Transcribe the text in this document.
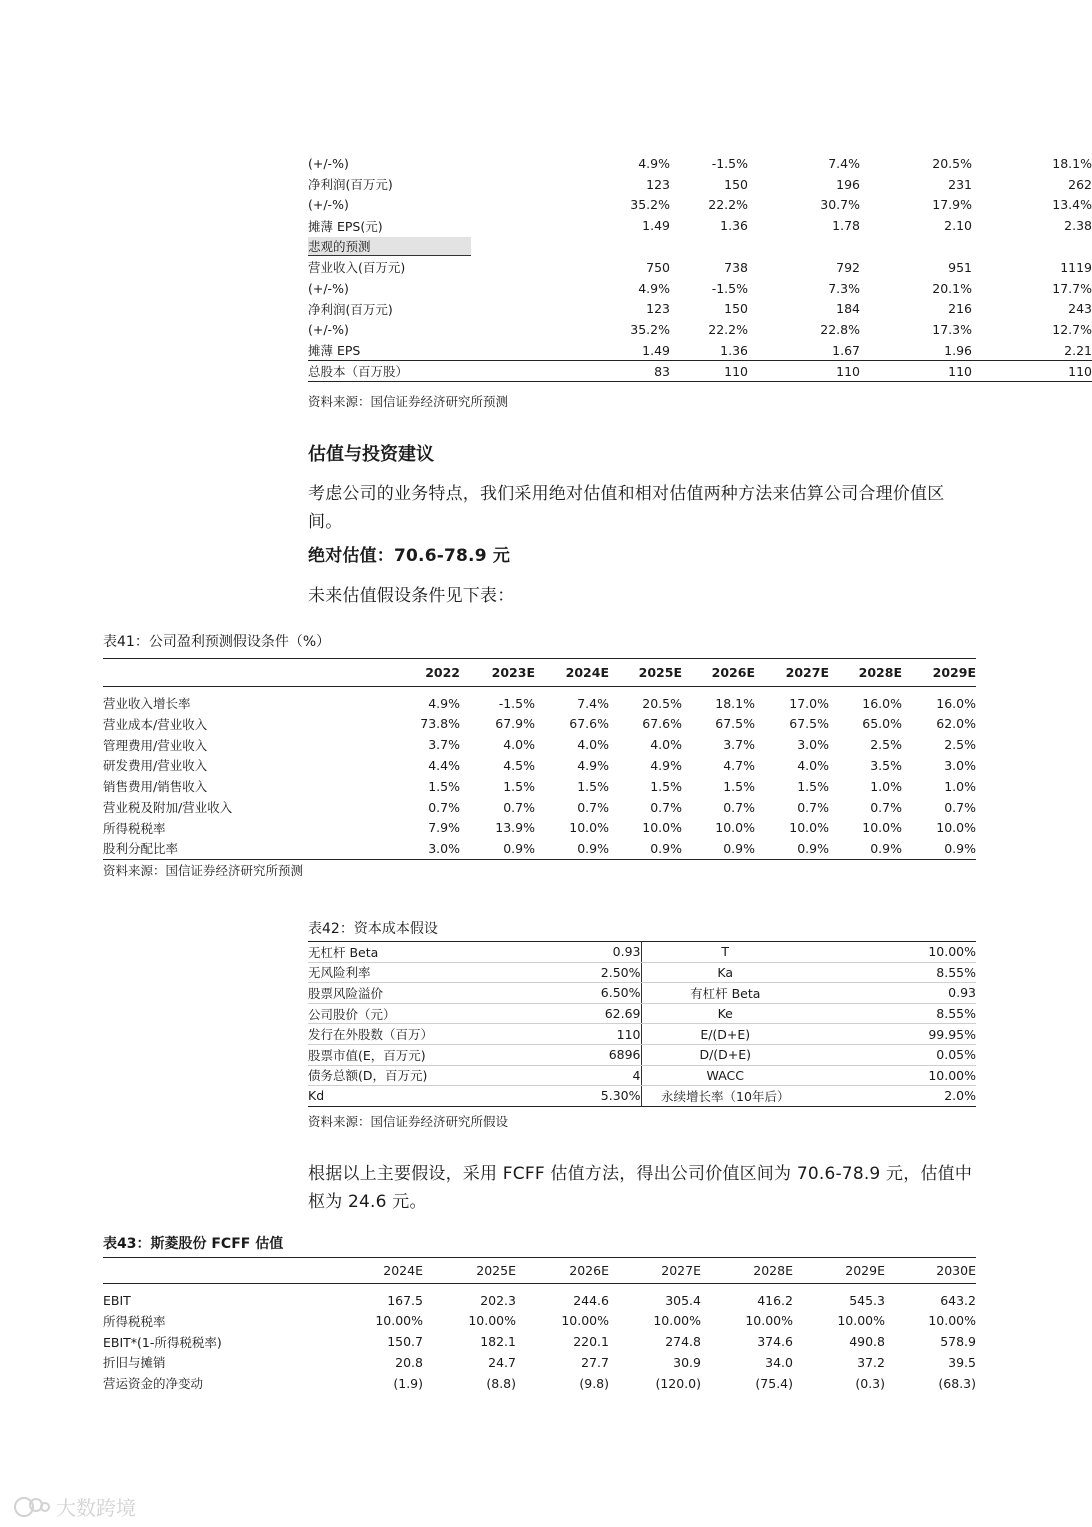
(+/-%)	4.9%	-1.5%	7.4%	20.5%	18.1%
净利润(百万元)	123	150	196	231	262
(+/-%)	35.2%	22.2%	30.7%	17.9%	13.4%
摊薄 EPS(元)	1.49	1.36	1.78	2.10	2.38
悲观的预测					
营业收入(百万元)	750	738	792	951	1119
(+/-%)	4.9%	-1.5%	7.3%	20.1%	17.7%
净利润(百万元)	123	150	184	216	243
(+/-%)	35.2%	22.2%	22.8%	17.3%	12.7%
摊薄 EPS	1.49	1.36	1.67	1.96	2.21
总股本（百万股）	83	110	110	110	110
资料来源：国信证券经济研究所预测
估值与投资建议
考虑公司的业务特点，我们采用绝对估值和相对估值两种方法来估算公司合理价值区间。
绝对估值：70.6-78.9 元
未来估值假设条件见下表：
表41：公司盈利预测假设条件（%）
	2022	2023E	2024E	2025E	2026E	2027E	2028E	2029E
营业收入增长率	4.9%	-1.5%	7.4%	20.5%	18.1%	17.0%	16.0%	16.0%
营业成本/营业收入	73.8%	67.9%	67.6%	67.6%	67.5%	67.5%	65.0%	62.0%
管理费用/营业收入	3.7%	4.0%	4.0%	4.0%	3.7%	3.0%	2.5%	2.5%
研发费用/营业收入	4.4%	4.5%	4.9%	4.9%	4.7%	4.0%	3.5%	3.0%
销售费用/销售收入	1.5%	1.5%	1.5%	1.5%	1.5%	1.5%	1.0%	1.0%
营业税及附加/营业收入	0.7%	0.7%	0.7%	0.7%	0.7%	0.7%	0.7%	0.7%
所得税税率	7.9%	13.9%	10.0%	10.0%	10.0%	10.0%	10.0%	10.0%
股利分配比率	3.0%	0.9%	0.9%	0.9%	0.9%	0.9%	0.9%	0.9%
资料来源：国信证券经济研究所预测
表42：资本成本假设
无杠杆 Beta	0.93	T	10.00%
无风险利率	2.50%	Ka	8.55%
股票风险溢价	6.50%	有杠杆 Beta	0.93
公司股价（元）	62.69	Ke	8.55%
发行在外股数（百万）	110	E/(D+E)	99.95%
股票市值(E，百万元)	6896	D/(D+E)	0.05%
债务总额(D，百万元)	4	WACC	10.00%
Kd	5.30%	永续增长率（10年后）	2.0%
资料来源：国信证券经济研究所假设
根据以上主要假设，采用 FCFF 估值方法，得出公司价值区间为 70.6-78.9 元，估值中枢为 24.6 元。
表43：斯菱股份 FCFF 估值
	2024E	2025E	2026E	2027E	2028E	2029E	2030E
EBIT	167.5	202.3	244.6	305.4	416.2	545.3	643.2
所得税税率	10.00%	10.00%	10.00%	10.00%	10.00%	10.00%	10.00%
EBIT*(1-所得税税率)	150.7	182.1	220.1	274.8	374.6	490.8	578.9
折旧与摊销	20.8	24.7	27.7	30.9	34.0	37.2	39.5
营运资金的净变动	(1.9)	(8.8)	(9.8)	(120.0)	(75.4)	(0.3)	(68.3)
大数跨境
